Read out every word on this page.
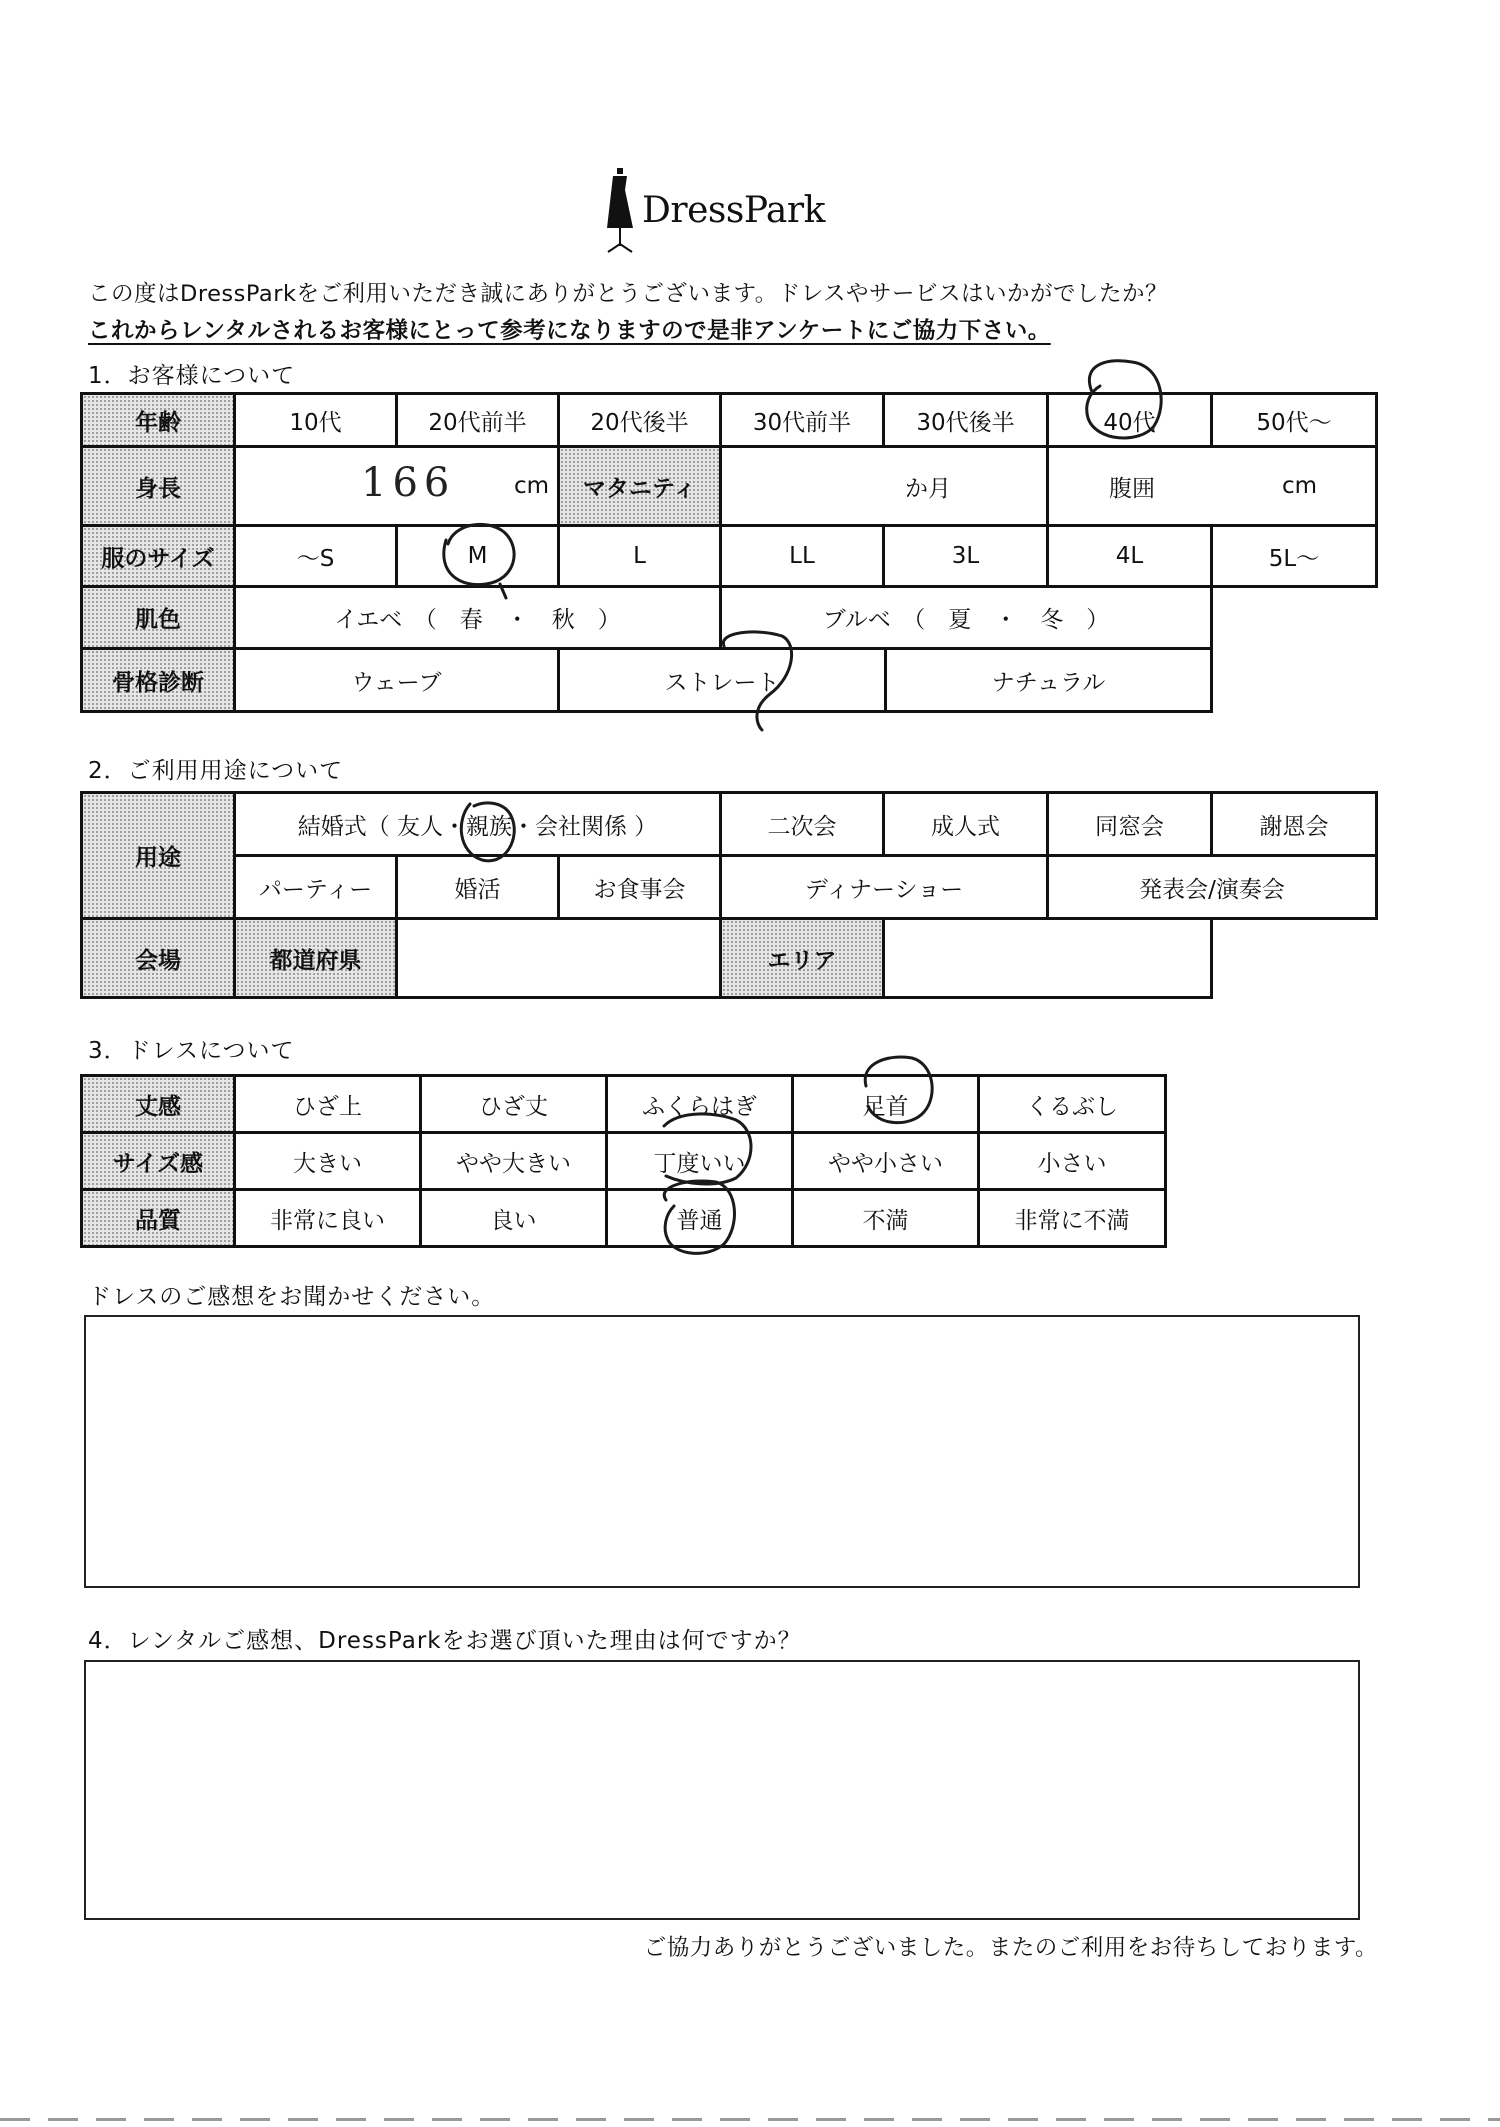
DressPark
この度はDressParkをご利用いただき誠にありがとうございます。ドレスやサービスはいかがでしたか？
これからレンタルされるお客様にとって参考になりますので是非アンケートにご協力下さい。
1．お客様について
年齢	10代	20代前半	20代後半	30代前半	30代後半	40代	50代～
身長	166	cm	マタニティ	か月	腹囲	cm
服のサイズ	～S	M	L	LL	3L	4L	5L～
肌色	イエベ　（　春　・　秋　）	ブルベ　（　夏　・　冬　）
骨格診断	ウェーブ	ストレート	ナチュラル
2．ご利用用途について
用途
結婚式（ 友人・親族・会社関係 ）	二次会	成人式	同窓会	謝恩会
パーティー	婚活	お食事会	ディナーショー	発表会/演奏会
会場	都道府県	エリア
3．ドレスについて
丈感	ひざ上	ひざ丈	ふくらはぎ	足首	くるぶし
サイズ感	大きい	やや大きい	丁度いい	やや小さい	小さい
品質	非常に良い	良い	普通	不満	非常に不満
ドレスのご感想をお聞かせください。
4．レンタルご感想、DressParkをお選び頂いた理由は何ですか？
ご協力ありがとうございました。またのご利用をお待ちしております。
